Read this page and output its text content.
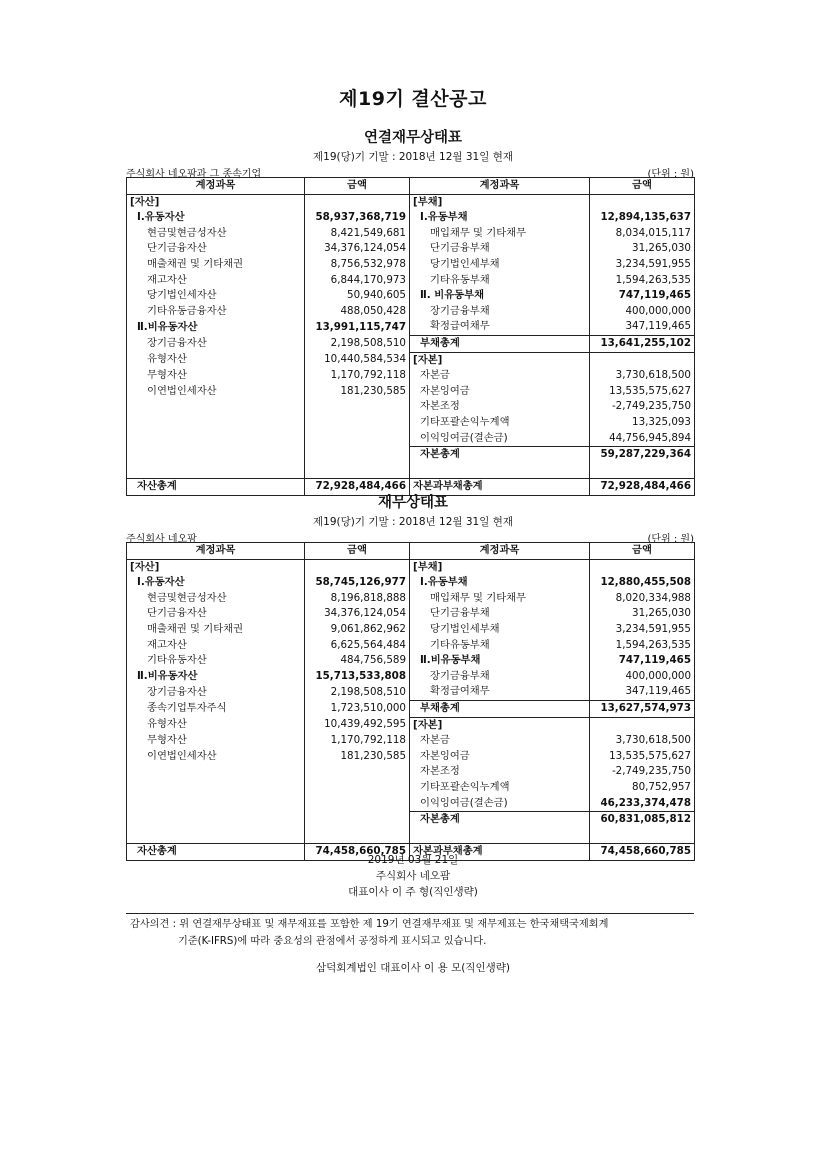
제19기 결산공고
연결재무상태표
제19(당)기 기말 : 2018년 12월 31일 현재
주식회사 네오팜과 그 종속기업	(단위 : 원)
계정과목	금액	계정과목	금액
[자산]		[부채]	
Ⅰ.유동자산	58,937,368,719	Ⅰ.유동부채	12,894,135,637
현금및현금성자산	8,421,549,681	매입채무 및 기타채무	8,034,015,117
단기금융자산	34,376,124,054	단기금융부채	31,265,030
매출채권 및 기타채권	8,756,532,978	당기법인세부채	3,234,591,955
재고자산	6,844,170,973	기타유동부채	1,594,263,535
당기법인세자산	50,940,605	Ⅱ. 비유동부채	747,119,465
기타유동금융자산	488,050,428	장기금융부채	400,000,000
Ⅱ.비유동자산	13,991,115,747	확정급여채무	347,119,465
장기금융자산	2,198,508,510	부채총계	13,641,255,102
유형자산	10,440,584,534	[자본]	
무형자산	1,170,792,118	자본금	3,730,618,500
이연법인세자산	181,230,585	자본잉여금	13,535,575,627
		자본조정	-2,749,235,750
		기타포괄손익누계액	13,325,093
		이익잉여금(결손금)	44,756,945,894
		자본총계	59,287,229,364

자산총계	72,928,484,466	자본과부채총계	72,928,484,466
재무상태표
제19(당)기 기말 : 2018년 12월 31일 현재
주식회사 네오팜	(단위 : 원)
계정과목	금액	계정과목	금액
[자산]		[부채]	
Ⅰ.유동자산	58,745,126,977	Ⅰ.유동부채	12,880,455,508
현금및현금성자산	8,196,818,888	매입채무 및 기타채무	8,020,334,988
단기금융자산	34,376,124,054	단기금융부채	31,265,030
매출채권 및 기타채권	9,061,862,962	당기법인세부채	3,234,591,955
재고자산	6,625,564,484	기타유동부채	1,594,263,535
기타유동자산	484,756,589	Ⅱ.비유동부채	747,119,465
Ⅱ.비유동자산	15,713,533,808	장기금융부채	400,000,000
장기금융자산	2,198,508,510	확정급여채무	347,119,465
종속기업투자주식	1,723,510,000	부채총계	13,627,574,973
유형자산	10,439,492,595	[자본]	
무형자산	1,170,792,118	자본금	3,730,618,500
이연법인세자산	181,230,585	자본잉여금	13,535,575,627
		자본조정	-2,749,235,750
		기타포괄손익누계액	80,752,957
		이익잉여금(결손금)	46,233,374,478
		자본총계	60,831,085,812

자산총계	74,458,660,785	자본과부채총계	74,458,660,785
2019년 03월 21일
주식회사 네오팜
대표이사 이 주 형(직인생략)
감사의견 : 위 연결재무상태표 및 재무재표를 포함한 제 19기 연결재무재표 및 재무제표는 한국채택국제회계
기준(K-IFRS)에 따라 중요성의 관점에서 공정하게 표시되고 있습니다.
삼덕회계법인 대표이사 이 용 모(직인생략)
